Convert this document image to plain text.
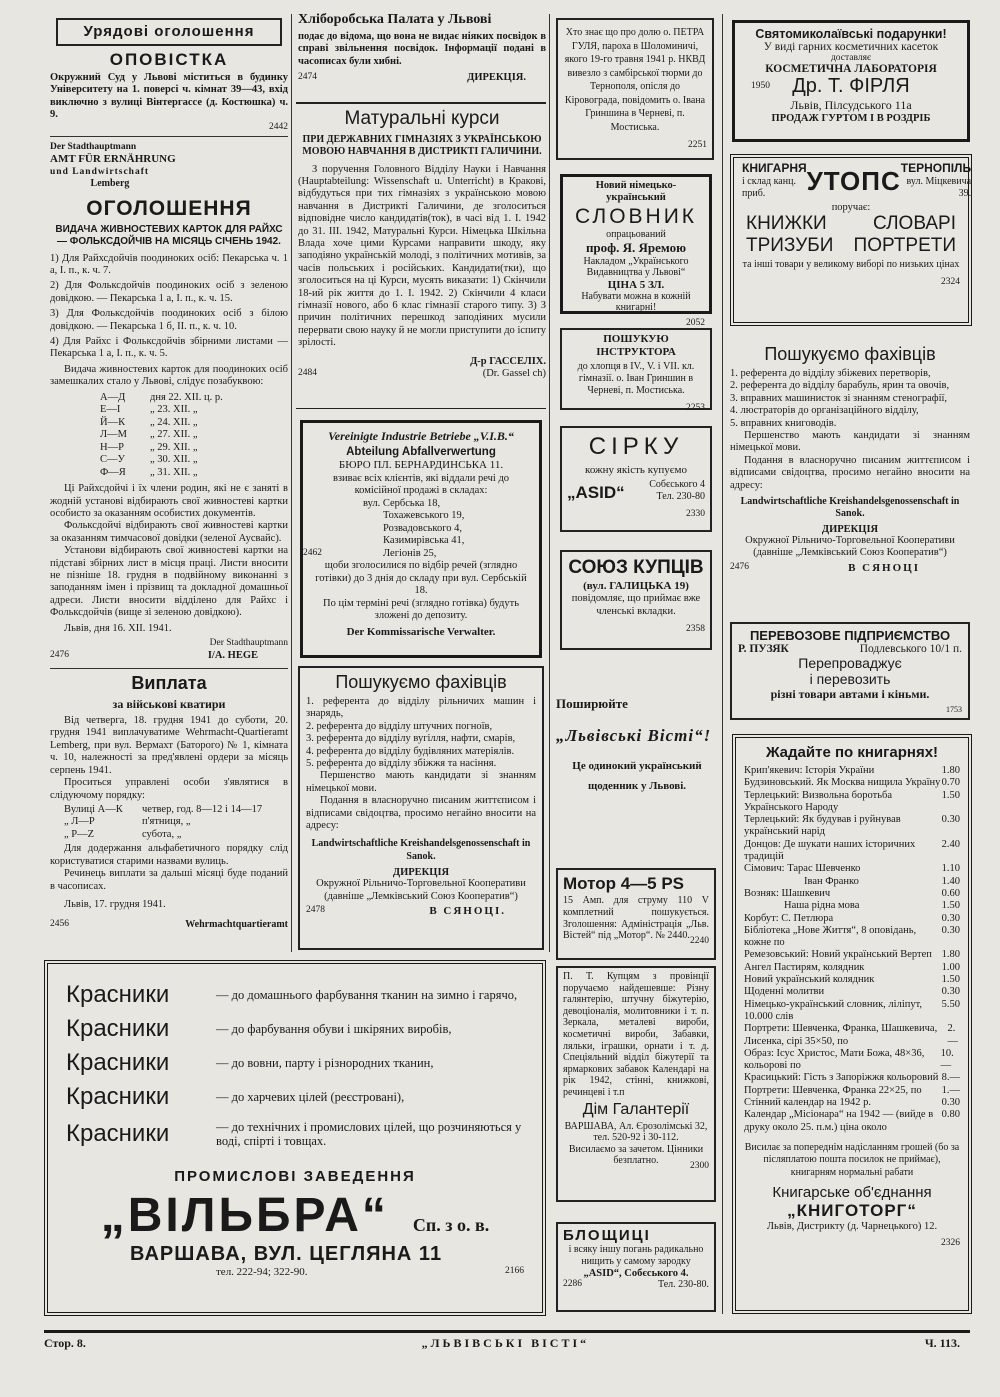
Урядові оголошення
ОПОВІСТКА

Окружний Суд у Львові міститься в будинку Університету на 1. поверсі ч. кімнат 39—43, вхід виключно з вулиці Вінтергассе (д. Костюшка) ч. 9.

2442
Der Stadthauptmann
AMT FÜR ERNÄHRUNG
und Landwirtschaft
Lemberg
ОГОЛОШЕННЯ

ВИДАЧА ЖИВНОСТЕВИХ КАРТОК ДЛЯ РАЙХС — ФОЛЬКСДОЙЧІВ НА МІСЯЦЬ СІЧЕНЬ 1942.

1) Для Райхсдойчів поодиноких осіб: Пекарська ч. 1 а, І. п., к. ч. 7.

2) Для Фольксдойчів поодиноких осіб з зеленою довідкою. — Пекарська 1 а, І. п., к. ч. 15.

3) Для Фольксдойчів поодиноких осіб з білою довідкою. — Пекарська 1 б, ІІ. п., к. ч. 10.

4) Для Райхс і Фольксдойчів збірними листами — Пекарська 1 а, І. п., к. ч. 5.

Видача живностевих карток для поодиноких осіб замешкалих стало у Львові, слідує позабуквою:

А—Д дня 22. XII. ц. р.
Е—І	„ 23. XII. „
Й—К „ 24. XII. „
Л—М „ 27. XII. „
Н—Р „ 29. XII. „
С—У „ 30. XII. „
Ф—Я „ 31. XII. „

Ці Райхсдойчі і їх члени родин, які не є занятi в жодній установі відбирають свої живностеві картки особисто за оказанням особистих документів.

Фольксдойчі відбирають свої живностеві картки за оказанням тимчасової довідки (зеленої Аусвайс).

Установи відбирають свої живностеві картки на підставі збірних лист в місця праці. Листи вносити не пізніше 18. грудня в подвійному виконанні з заподанням імен і прізвищ та докладної домашньої адреси. Листи вносити відділено для Райхс і Фольксдойчів (вище зі зеленою довідкою).

Львів, дня 16. XII. 1941.

Der Stadthauptmann
2476	I/A. HEGE
Виплата
за військові кватири

Від четверга, 18. грудня 1941 до суботи, 20. грудня 1941 виплачуватиме Wehrmacht-Quartieramt Lemberg, при вул. Вермахт (Баторого) № 1, кімната ч. 10, належності за пред'явлені ордери за місяць серпень 1941.

Проситься управлені особи з'являтися в слідуючому порядку:

Вулиці А—К четвер, год. 8—12 і 14—17
„ Л—Р	п'ятниця, „
„ Р—Z	субота, „

Для додержання альфабетичного порядку слід користуватися старими назвами вулиць.

Речинець виплати за дальші місяці буде поданий в часописах.

Львів, 17. грудня 1941.

2456	Wehrmachtquartieramt
Хліборобська Палата у Львові

подає до відома, що вона не видає ніяких посвідок в справі звільнення посвідок. Інформації подані в часописах були хибні.

2474	ДИРЕКЦІЯ.
Матуральні курси

ПРИ ДЕРЖАВНИХ ГІМНАЗІЯХ З УКРАЇНСЬКОЮ МОВОЮ НАВЧАННЯ В ДИСТРИКТІ ГАЛИЧИНИ.

З поручення Головного Відділу Науки і Навчання (Hauptabteilung: Wissenschaft u. Unterricht) в Кракові, відбудуться при тих гімназіях з українською мовою навчання в Дистрикті Галичини, де зголоситься відповідне число кандидатів(ток), в часі від 1. I. 1942 до 31. III. 1942, Матуральні Курси. Німецька Шкільна Влада хоче цими Курсами направити шкоду, яку заподіяно українській молоді, з політичних мотивів, за часів польських і російських. Кандидати(тки), що зголоситься на ці Курси, мусять виказати: 1) Скінчили 18-ий рік життя до 1. I. 1942. 2) Скінчили 4 класи гімназії нового, або 6 клас гімназії старого типу. 3) З причин політичних перешкод заподіяних мусили перервати свою науку й не могли приступити до іспиту зрілості.

Д-р ГАССЕЛІХ.
2484	(Dr. Gassel ch)
Vereinigte Industrie Betriebe „V.I.B.“
Abteilung Abfallverwertung
БЮРО ПЛ. БЕРНАРДИНСЬКА 11.

взиває всіх клієнтів, які віддали речі до комісійної продажі в складах:

вул. Сербська 18,
Тохажевського 19,
Розвадовського 4,
Казимирівська 41,
Легіонів 25,
2462

щоби зголосилися по відбір речей (зглядно готівки) до 3 днія до складу при вул. Сербській 18.

По цім терміні речі (зглядно готівка) будуть зложені до депозиту.

Der Kommissarische Verwalter.
Пошукуємо фахівців

1. референта до відділу рільничих машин і знарядь,

2. референта до відділу штучних погноїв,

3. референта до відділу вугілля, нафти, смарів,

4. референта до відділу будівляних матеріялів.

5. референта до відділу збіжжя та насіння.

Першенство мають кандидати зі знанням німецької мови.

Подання в власноручно писаним життєписом і відписами свідоцтва, просимо негайно вносити на адресу:

Landwirtschaftliche Kreishandelsgenossenschaft in Sanok.

ДИРЕКЦІЯ

Окружної Рільничо-Торговельної Кооперативи

(давніше „Лемківський Союз Кооператив“)

2478	В СЯНОЦІ.

Хто знає що про долю о. ПЕТРА ГУЛЯ, пароха в Шоломиничі, якого 19-го травня 1941 р. НКВД вивезло з самбірської тюрми до Тернополя, опісля до Кіровограда, повідомить о. Івана Гриншина в Черневі, п. Мостиська.

2251

Новий німецько-український

СЛОВНИК
опрацьований
проф. Я. Яремою

Накладом „Українського Видавництва у Львові“

ЦІНА 5 ЗЛ.

Набувати можна в кожній книгарні!

2052
ПОШУКУЮ ІНСТРУКТОРА

до хлопця в IV., V. і VII. кл. гімназії. о. Іван Гриншин в Черневі, п. Мостиська.

2253
СІРКУ
кожну якість купуємо
„ASID“ Собєського 4
Тел. 230-80
2330
СОЮЗ КУПЦІВ
(вул. ГАЛИЦЬКА 19)

повідомляє, що приймає вже членські вкладки.

2358
Поширюйте
„Львівські Вісті“!

Це одинокий український щоденник у Львові.

Мотор 4—5 PS

15 Амп. для струму 110 V комплетний пошукується. Зголошення: Адміністрація „Льв. Вістей“ під „Мотор“. № 2440. 2240

П. Т. Купцям з провінції поручаємо найдешевше: Різну галянтерію, штучну біжутерію, девоціоналія, молитовники і т. п. Зеркала, металеві вироби, косметичні вироби, Забавки, ляльки, іграшки, орнати і т. д. Спеціяльний відділ біжутерії та ярмаркових забавок Календарі на рік 1942, стінні, книжкові, речинцеві і т.п

Дім Галантерії

ВАРШАВА, Ал. Єрозолімські 32, тел. 520-92 і 30-112.

Висилаємо за зачетом. Цінники безплатно.	2300
БЛОЩИЦІ

і всяку іншу погань радикально нищить у самому зародку

„ASID“, Собєського 4.
2286	Тел. 230-80.
Святомиколаївські подарунки!
У виді гарних косметичних касеток
доставляє
КОСМЕТИЧНА ЛАБОРАТОРІЯ
1950	Др. Т. ФІРЛЯ
Львів, Пілсудського 11а
ПРОДАЖ ГУРТОМ І В РОЗДРІБ
КНИГАРНЯ
і склад канц. приб.	УТОПС ТЕРНОПІЛЬ
вул. Міцкевича 39.
поручає:
КНИЖКИ СЛОВАРІ
ТРИЗУБИ ПОРТРЕТИ

та інші товари у великому виборі по низьких цінах

2324
Пошукуємо фахівців

1. референта до відділу збіжевих перетворів,

2. референта до відділу барабуль, ярин та овочів,

3. вправних машинисток зі знанням стенографії,

4. люстраторів до організаційного відділу,

5. вправних книговодів.

Першенство мають кандидати зі знанням німецької мови.

Подання в власноручно писаним життєписом і відписами свідоцтва, просимо негайно вносити на адресу:

Landwirtschaftliche Kreishandelsgenossenschaft in Sanok.

ДИРЕКЦІЯ

Окружної Рільничо-Торговельної Кооперативи

(давніше „Лемківський Союз Кооператив“)

2476	В СЯНОЦІ
ПЕРЕВОЗОВЕ ПІДПРИЄМСТВО
Р. ПУЗЯК	Подлевського 10/1 п.
Перепроваджує
і перевозить
різні товари автами і кіньми.
1753
Жадайте по книгарнях!
Крип'якевич: Історія України	1.80
Будзиновський. Як Москва нищила Україну 0.70
Терлецький: Визвольна боротьба Українського Народу
1.50
Терлецький: Як будував і руйнував український нарід
0.30
Донцов: Де шукати наших історичних традицій
2.40
Сімович: Тарас Шевченко	1.10
Іван Франко	1.40
Возняк: Шашкевич	0.60
Наша рідна мова	1.50
Корбут: С. Петлюра	0.30
Бібліотека „Нове Життя“, 8 оповідань, кожне по
0.30
Ремезовський: Новий український Вертеп 1.80
Ангел Пастирям, колядник	1.00
Новий український колядник	1.50
Щоденні молитви	0.30
Німецько-український словник, ліліпут, 10.000 слів
5.50
Портрети: Шевченка, Франка, Шашкевича, Лисенка, сірі 35×50, по
2.—
Образ: Ісус Христос, Мати Божа, 48×36, кольорові по
10.—
Красицький: Гість з Запоріжжя кольоровий 8.—
Портрети: Шевченка, Франка 22×25, по 1.—
Стінний календар на 1942 р.	0.30
Календар „Місіонара“ на 1942 — (вийде в друку около 25. п.м.) ціна около
0.80

Висилає за попереднім надісланням грошей (бо за післяплатою пошта посилок не приймає), книгарням нормальні рабати

Книгарське об'єднання
„КНИГОТОРГ“
Львів, Дистрикту (д. Чарнецького) 12.
2326
Красники	— до домашнього фарбування тканин на зимно і гарячо,
Красники	— до фарбування обуви і шкіряних виробів,
Красники	— до вовни, парту і різнородних тканин,
Красники	— до харчевих цілей (реєстровані),
Красники	— до технічних і промислових цілей, що розчиняються у воді, спірті і товщах.
ПРОМИСЛОВІ ЗАВЕДЕННЯ
„ВІЛЬБРА“ Сп. з о. в.
ВАРШАВА, ВУЛ. ЦЕГЛЯНА 11
тел. 222-94; 322-90.	2166
Стор. 8.	„ЛЬВІВСЬКІ ВІСТІ“	Ч. 113.
